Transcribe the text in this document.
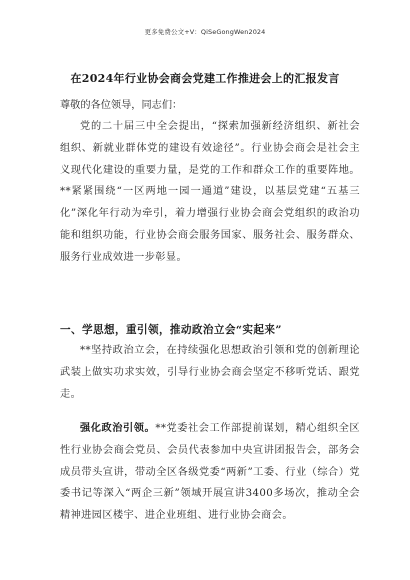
更多免费公文+V：QiSeGongWen2024
在2024年行业协会商会党建工作推进会上的汇报发言
尊敬的各位领导，同志们：

党的二十届三中全会提出，“探索加强新经济组织、新社会组织、新就业群体党的建设有效途径”。行业协会商会是社会主义现代化建设的重要力量，是党的工作和群众工作的重要阵地。**紧紧围绕“一区两地一园一通道”建设，以基层党建“五基三化”深化年行动为牵引，着力增强行业协会商会党组织的政治功能和组织功能，行业协会商会服务国家、服务社会、服务群众、服务行业成效进一步彰显。

一、学思想，重引领，推动政治立会“实起来”

**坚持政治立会，在持续强化思想政治引领和党的创新理论武装上做实功求实效，引导行业协会商会坚定不移听党话、跟党走。

强化政治引领。**党委社会工作部提前谋划，精心组织全区性行业协会商会党员、会员代表参加中央宣讲团报告会，部务会成员带头宣讲，带动全区各级党委“两新”工委、行业（综合）党委书记等深入“两企三新”领域开展宣讲3400多场次，推动全会精神进园区楼宇、进企业班组、进行业协会商会。
